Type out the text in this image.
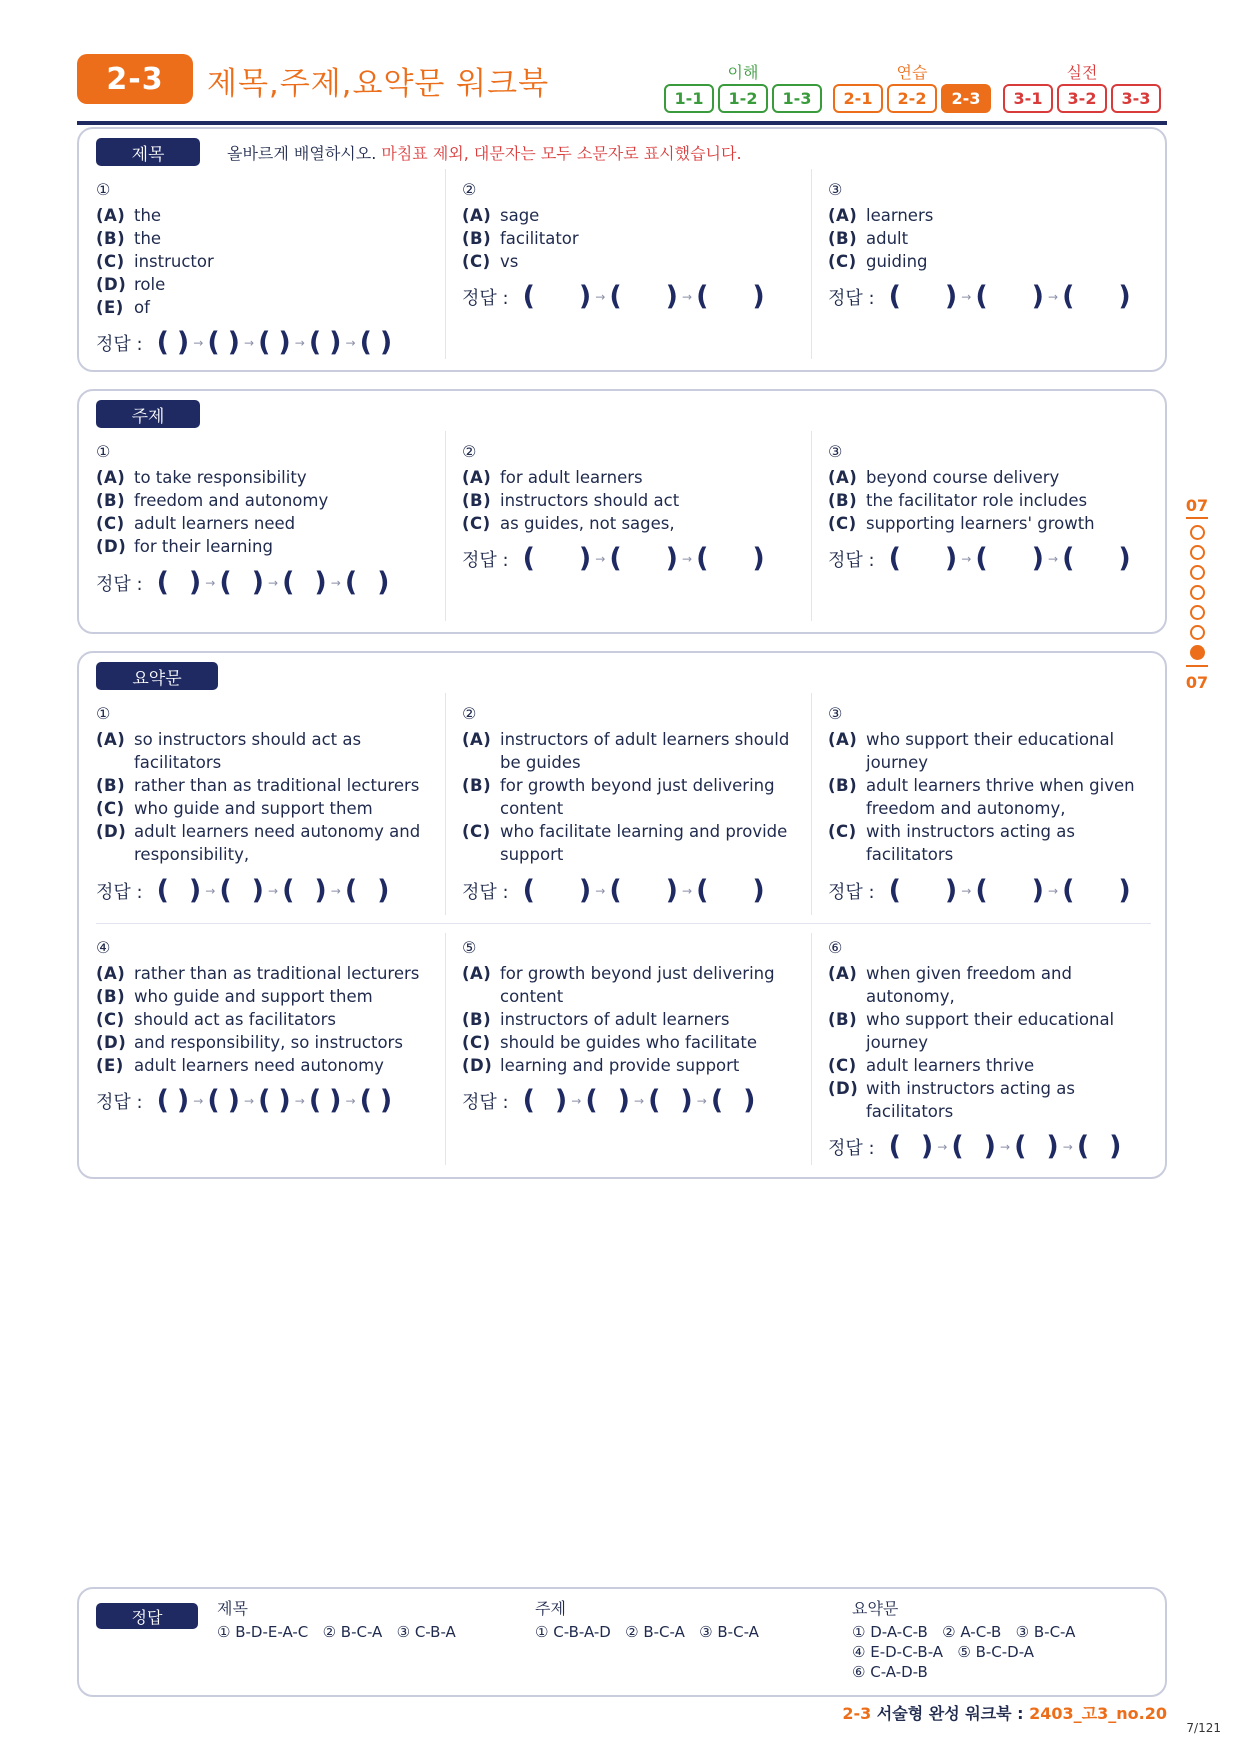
2-3	제목,주제,요약문 워크북	이해
1-1	1-2	1-3
연습
2-1	2-2	2-3
실전
3-1	3-2	3-3
제목	올바르게 배열하시오. 마침표 제외, 대문자는 모두 소문자로 표시했습니다.
①
(A) the
(B) the
(C) instructor
(D) role
(E) of
정답 : ( ) → ( ) → ( ) → ( ) → ( )
②
(A) sage
(B) facilitator
(C) vs
정답 : ( ) → ( ) → ( )
③
(A) learners
(B) adult
(C) guiding
정답 : ( ) → ( ) → ( )
주제
①
(A) to take responsibility
(B) freedom and autonomy
(C) adult learners need
(D) for their learning
정답 : ( ) → ( ) → ( ) → ( )
②
(A) for adult learners
(B) instructors should act
(C) as guides, not sages,
정답 : ( ) → ( ) → ( )
③
(A) beyond course delivery
(B) the facilitator role includes
(C) supporting learners' growth
정답 : ( ) → ( ) → ( )
요약문
①
(A) so instructors should act as facilitators
(B) rather than as traditional lecturers
(C) who guide and support them
(D) adult learners need autonomy and responsibility,
정답 : ( ) → ( ) → ( ) → ( )
②
(A) instructors of adult learners should be guides
(B) for growth beyond just delivering content
(C) who facilitate learning and provide support
정답 : ( ) → ( ) → ( )
③
(A) who support their educational journey
(B) adult learners thrive when given freedom and autonomy,
(C) with instructors acting as facilitators
정답 : ( ) → ( ) → ( )
④
(A) rather than as traditional lecturers
(B) who guide and support them
(C) should act as facilitators
(D) and responsibility, so instructors
(E) adult learners need autonomy
정답 : ( ) → ( ) → ( ) → ( ) → ( )
⑤
(A) for growth beyond just delivering content
(B) instructors of adult learners
(C) should be guides who facilitate
(D) learning and provide support
정답 : ( ) → ( ) → ( ) → ( )
⑥
(A) when given freedom and autonomy,
(B) who support their educational journey
(C) adult learners thrive
(D) with instructors acting as facilitators
정답 : ( ) → ( ) → ( ) → ( )
07
07
정답	제목
① B-D-E-A-C   ② B-C-A   ③ C-B-A
주제
① C-B-A-D   ② B-C-A   ③ B-C-A
요약문
① D-A-C-B   ② A-C-B   ③ B-C-A
④ E-D-C-B-A   ⑤ B-C-D-A
⑥ C-A-D-B
2-3 서술형 완성 워크북 : 2403_고3_no.20
7/121
